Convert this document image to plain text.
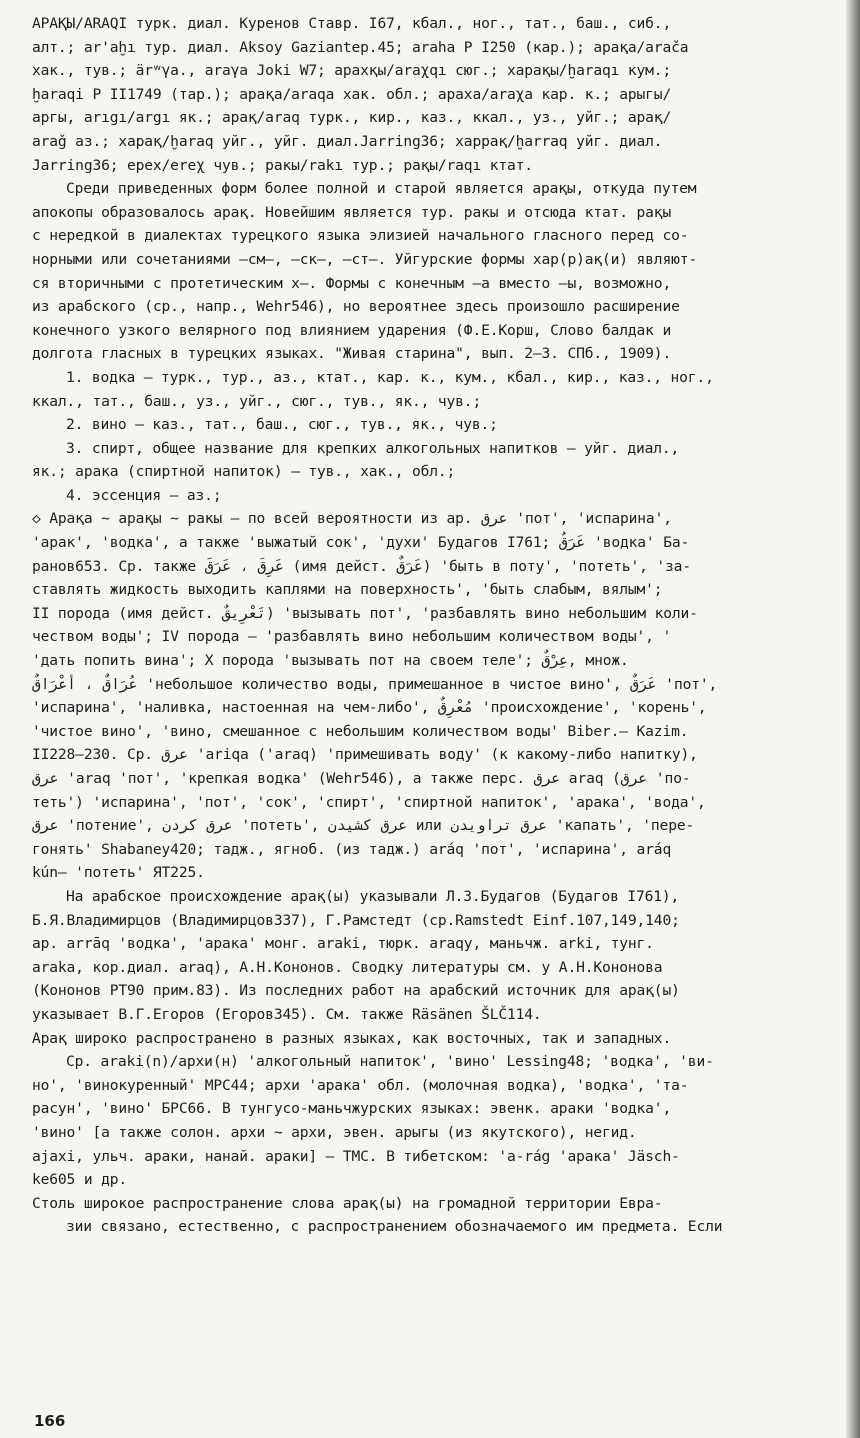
АРАҚЫ/АRАQI турк. диал. Куренов Ставр. I67, кбал., ног., тат., баш., сиб.,
алт.; ar'aḫı тур. диал. Aksoy Gaziantep.45; araha Р I250 (кар.); арақа/arača
хак., тув.; ärʷγa., araγa Joki W7; арахқы/araχqı сюг.; харақы/ḫaraqı кум.;
ḫaraqi Р II1749 (тар.); арақа/araqa хак. обл.; араха/araχa кар. к.; арыгы/
аргы, arıgı/argı як.; арақ/araq турк., кир., каз., ккал., уз., уйг.; арақ/
araǧ аз.; харақ/ḫaraq уйг., уйг. диал.Jarring36; харрақ/ḫarraq уйг. диал.
Jarring36; ерех/ereχ чув.; ракы/rakı тур.; рақы/raqı ктат.
Среди приведенных форм более полной и старой является арақы, откуда путем
апокопы образовалось арақ. Новейшим является тур. ракы и отсюда ктат. рақы
с нередкой в диалектах турецкого языка элизией начального гласного перед со-
норными или сочетаниями –см–, –ск–, –ст–. Уйгурские формы хар(р)ақ(и) являют-
ся вторичными с протетическим х–. Формы с конечным –а вместо –ы, возможно,
из арабского (ср., напр., Wehr546), но вероятнее здесь произошло расширение
конечного узкого велярного под влиянием ударения (Ф.Е.Корш, Слово балдак и
долгота гласных в турецких языках. "Живая старина", вып. 2–3. СПб., 1909).
1. водка – турк., тур., аз., ктат., кар. к., кум., кбал., кир., каз., ног.,
ккал., тат., баш., уз., уйг., сюг., тув., як., чув.;
2. вино – каз., тат., баш., сюг., тув., як., чув.;
3. спирт, общее название для крепких алкогольных напитков – уйг. диал.,
як.; арака (спиртной напиток) – тув., хак., обл.;
4. эссенция – аз.;
◇ Арақа ~ арақы ~ ракы – по всей вероятности из ар. عرق 'пот', 'испарина',
'арак', 'водка', а также 'выжатый сок', 'духи' Будагов I761; عَرَقٌ 'водка' Ба-
ранов653. Ср. также عَرِقَ ، عَرَقَ (имя дейст. عَرَقٌ) 'быть в поту', 'потеть', 'за-
ставлять жидкость выходить каплями на поверхность', 'быть слабым, вялым';
II порода (имя дейст. تَعْرِيقٌ) 'вызывать пот', 'разбавлять вино небольшим коли-
чеством воды'; IV порода – 'разбавлять вино небольшим количеством воды', '
'дать попить вина'; Х порода 'вызывать пот на своем теле'; عِرْقٌ, множ.
عُرَاقٌ ، أَعْرَاقٌ 'небольшое количество воды, примешанное в чистое вино', عَرَقٌ 'пот',
'испарина', 'наливка, настоенная на чем-либо', مُعْرِقٌ 'происхождение', 'корень',
'чистое вино', 'вино, смешанное с небольшим количеством воды' Biber.– Kazim.
II228–230. Ср. عرق 'ariqa ('araq) 'примешивать воду' (к какому-либо напитку),
عرق 'araq 'пот', 'крепкая водка' (Wehr546), а также перс. عرق araq (عرق 'по-
теть') 'испарина', 'пот', 'сок', 'спирт', 'спиртной напиток', 'арака', 'вода',
عرق 'потение', عرق کردن 'потеть', عرق کشیدن или عرق تراویدن 'капать', 'пере-
гонять' Shabaney420; тадж., ягноб. (из тадж.) aráq 'пот', 'испарина', aráq
kún– 'потеть' ЯТ225.
На арабское происхождение арақ(ы) указывали Л.З.Будагов (Будагов I761),
Б.Я.Владимирцов (Владимирцов337), Г.Рамстедт (ср.Ramstedt Einf.107,149,140;
ар. arrāq 'водка', 'арака' монг. araki, тюрк. araqy, маньчж. arki, тунг.
araka, кор.диал. araq), А.Н.Кононов. Сводку литературы см. у А.Н.Кононова
(Кононов РТ90 прим.83). Из последних работ на арабский источник для арақ(ы)
указывает В.Г.Егоров (Егоров345). См. также Räsänen ŠLČ114.
Арақ широко распространено в разных языках, как восточных, так и западных.
Ср. araki(n)/архи(н) 'алкогольный напиток', 'вино' Lessing48; 'водка', 'ви-
но', 'винокуренный' МРС44; архи 'арака' обл. (молочная водка), 'водка', 'та-
расун', 'вино' БРС66. В тунгусо-маньчжурских языках: эвенк. араки 'водка',
'вино' [а также солон. архи ~ архи, эвен. арыгы (из якутского), негид.
ajaxi, ульч. араки, нанай. араки] – ТМС. В тибетском: 'a-rág 'арака' Jäsch-
ke605 и др.
Столь широкое распространение слова арақ(ы) на громадной территории Евра-
зии связано, естественно, с распространением обозначаемого им предмета. Если
166
